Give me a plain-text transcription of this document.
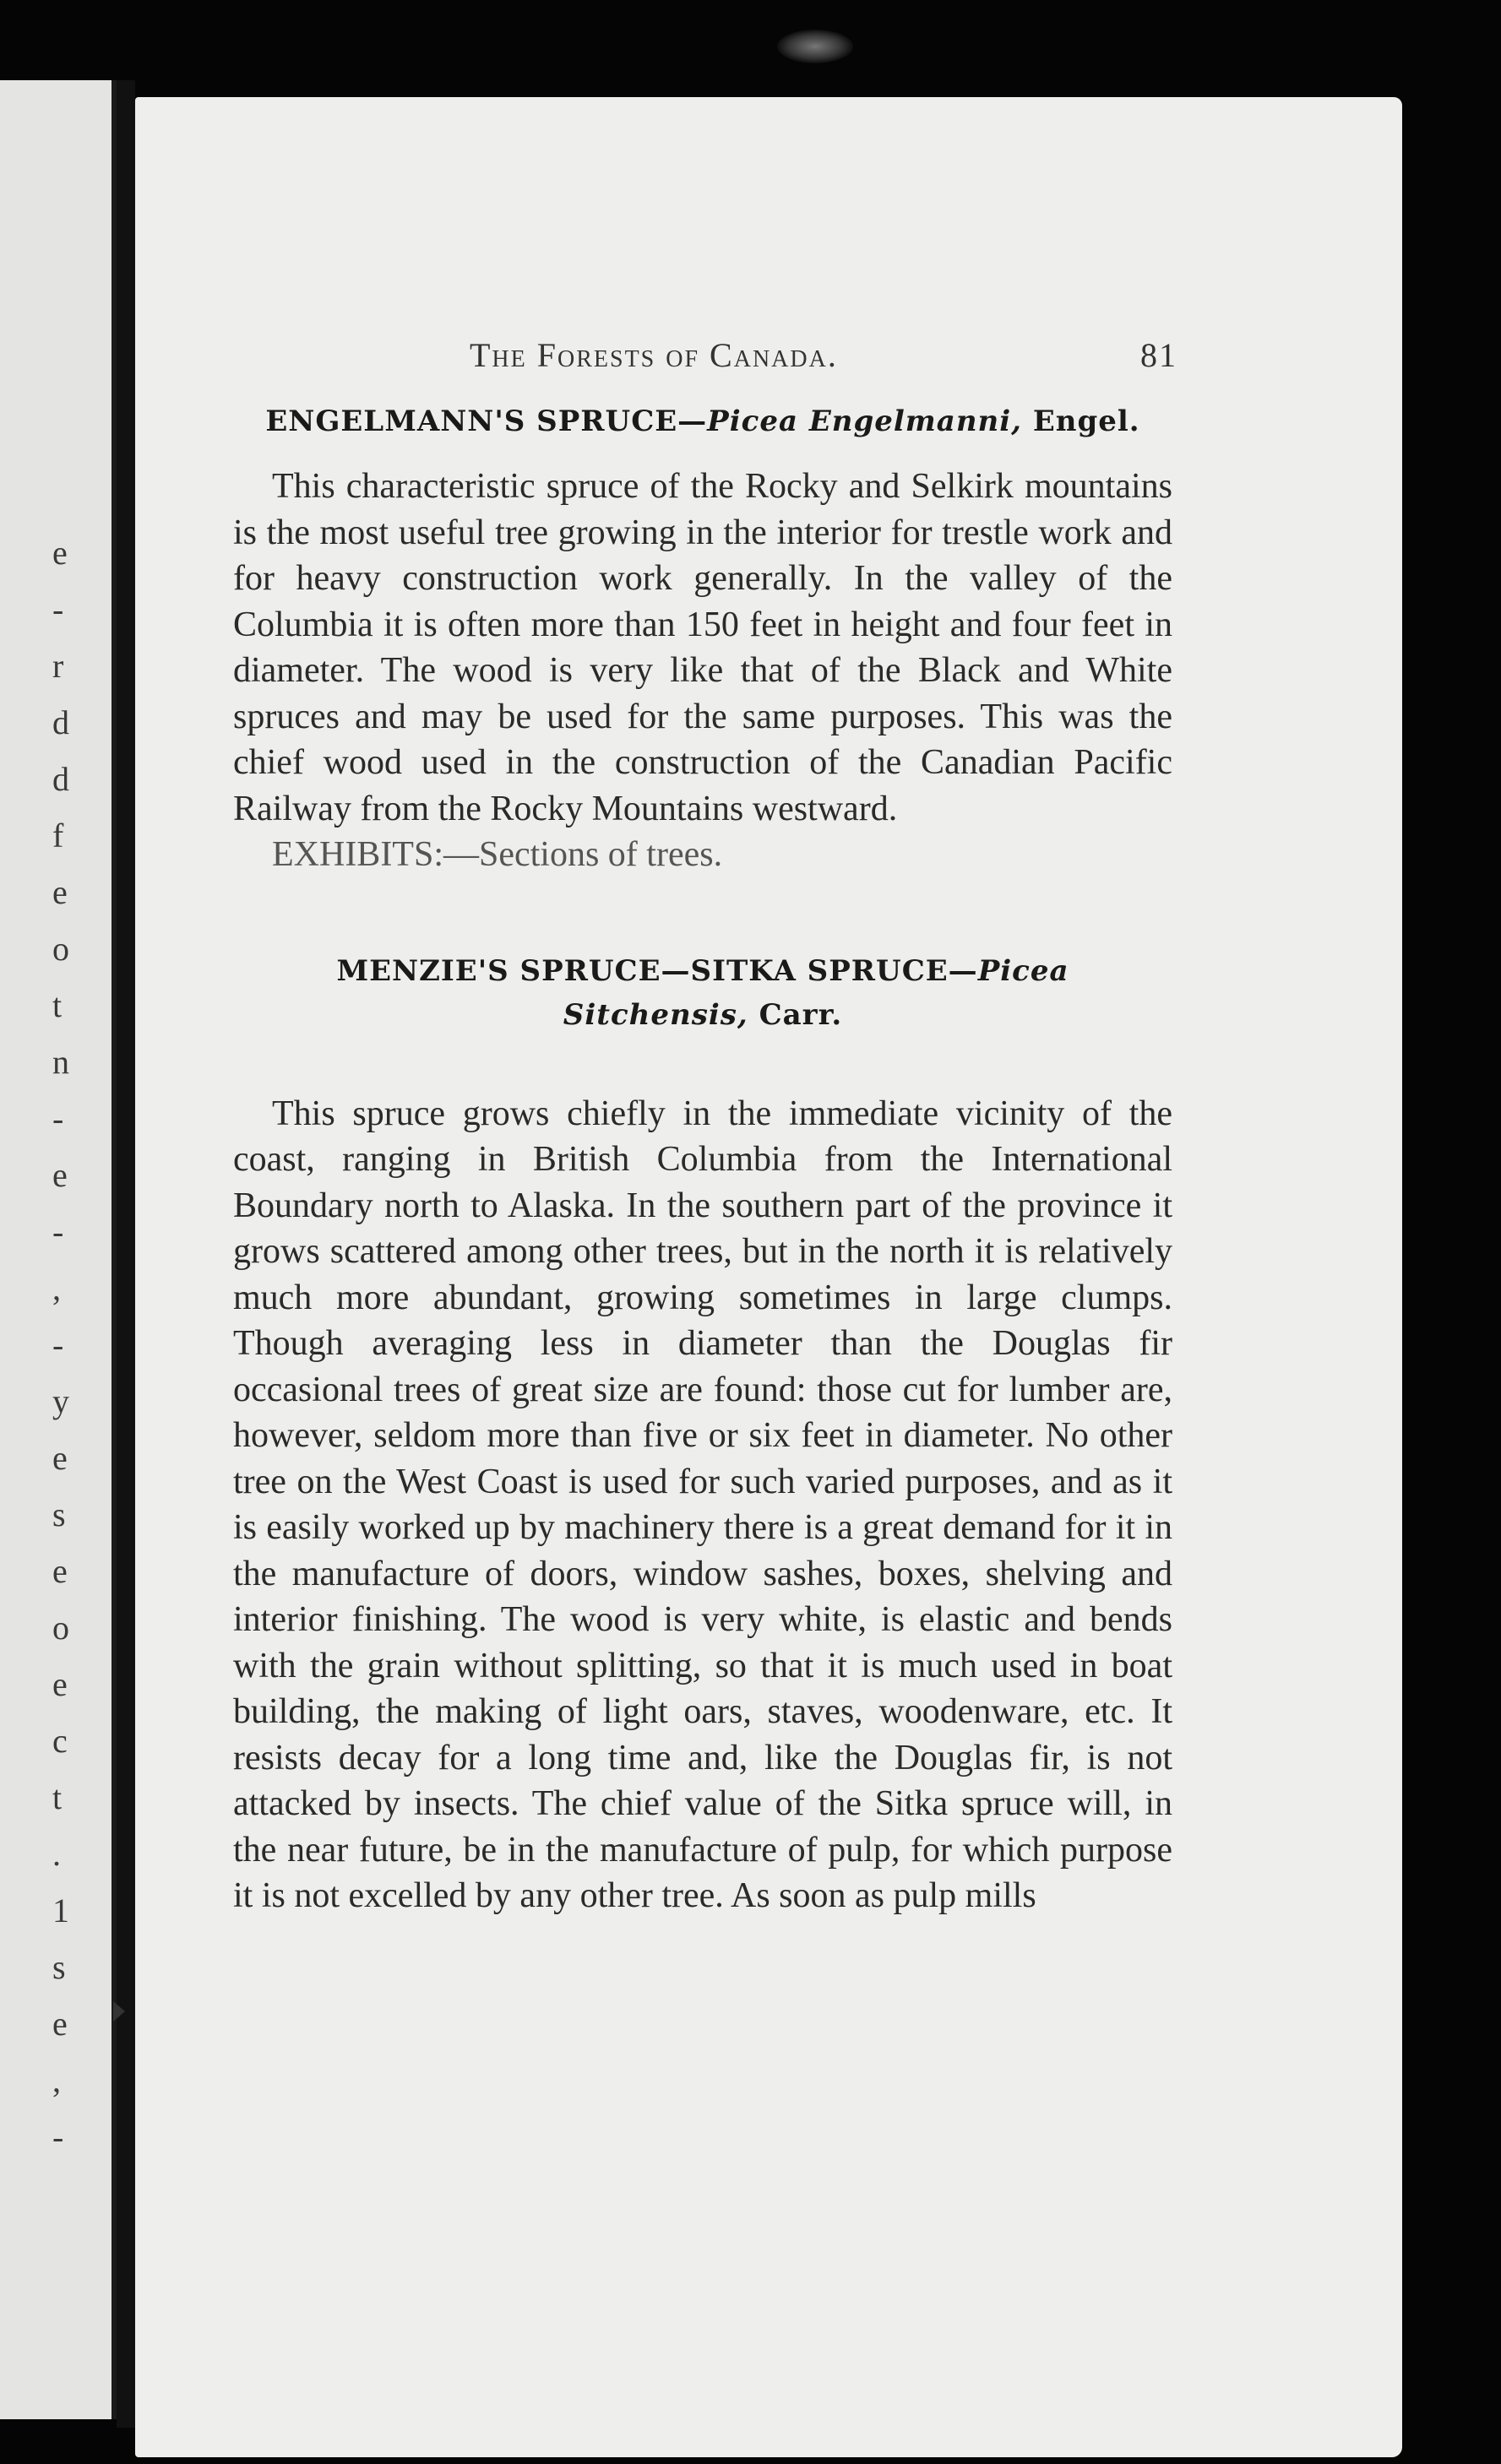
e
-
r
d
d
f
e
o
t
n
-
e
-
,
-
y
e
s
e
o
e
c
t
.
1
s
e
,
-
The Forests of Canada.	81
ENGELMANN'S SPRUCE—Picea Engelmanni, Engel.

This characteristic spruce of the Rocky and Selkirk mountains is the most useful tree growing in the interior for trestle work and for heavy construction work generally. In the valley of the Columbia it is often more than 150 feet in height and four feet in diameter. The wood is very like that of the Black and White spruces and may be used for the same purposes. This was the chief wood used in the construction of the Canadian Pacific Railway from the Rocky Mountains westward.

EXHIBITS:—Sections of trees.

MENZIE'S SPRUCE—SITKA SPRUCE—Picea
Sitchensis, Carr.

This spruce grows chiefly in the immediate vicinity of the coast, ranging in British Columbia from the International Boundary north to Alaska. In the southern part of the province it grows scattered among other trees, but in the north it is relatively much more abundant, growing sometimes in large clumps. Though averaging less in diameter than the Douglas fir occasional trees of great size are found: those cut for lumber are, however, seldom more than five or six feet in diameter. No other tree on the West Coast is used for such varied purposes, and as it is easily worked up by machinery there is a great demand for it in the manufacture of doors, window sashes, boxes, shelving and interior finishing. The wood is very white, is elastic and bends with the grain without splitting, so that it is much used in boat building, the making of light oars, staves, woodenware, etc. It resists decay for a long time and, like the Douglas fir, is not attacked by insects. The chief value of the Sitka spruce will, in the near future, be in the manufacture of pulp, for which purpose it is not excelled by any other tree. As soon as pulp mills
